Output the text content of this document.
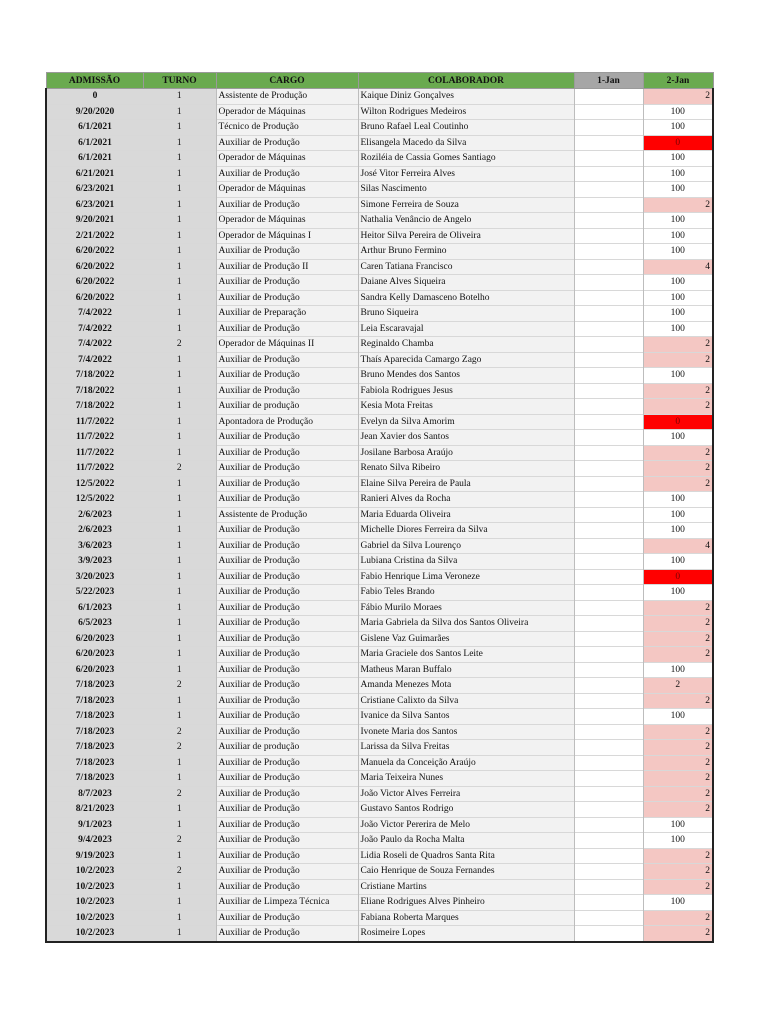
ADMISSÃO	TURNO	CARGO	COLABORADOR	1-Jan	2-Jan
0	1	Assistente de Produção	Kaique Diniz Gonçalves		2
9/20/2020	1	Operador de Máquinas	Wilton Rodrigues Medeiros		100
6/1/2021	1	Técnico de Produção	Bruno Rafael Leal Coutinho		100
6/1/2021	1	Auxiliar de Produção	Elisangela Macedo da Silva		0
6/1/2021	1	Operador de Máquinas	Roziléia de Cassia Gomes Santiago		100
6/21/2021	1	Auxiliar de Produção	José Vitor Ferreira Alves		100
6/23/2021	1	Operador de Máquinas	Silas Nascimento		100
6/23/2021	1	Auxiliar de Produção	Simone Ferreira de Souza		2
9/20/2021	1	Operador de Máquinas	Nathalia Venâncio de Angelo		100
2/21/2022	1	Operador de Máquinas I	Heitor Silva Pereira de Oliveira		100
6/20/2022	1	Auxiliar de Produção	Arthur Bruno Fermino		100
6/20/2022	1	Auxiliar de Produção II	Caren Tatiana Francisco		4
6/20/2022	1	Auxiliar de Produção	Daiane Alves Siqueira		100
6/20/2022	1	Auxiliar de Produção	Sandra Kelly Damasceno Botelho		100
7/4/2022	1	Auxiliar de Preparação	Bruno Siqueira		100
7/4/2022	1	Auxiliar de Produção	Leia Escaravajal		100
7/4/2022	2	Operador de Máquinas II	Reginaldo Chamba		2
7/4/2022	1	Auxiliar de Produção	Thaís Aparecida Camargo Zago		2
7/18/2022	1	Auxiliar de Produção	Bruno Mendes dos Santos		100
7/18/2022	1	Auxiliar de Produção	Fabiola Rodrigues Jesus		2
7/18/2022	1	Auxiliar de produção	Kesia Mota Freitas		2
11/7/2022	1	Apontadora de Produção	Evelyn da Silva Amorim		0
11/7/2022	1	Auxiliar de Produção	Jean Xavier dos Santos		100
11/7/2022	1	Auxiliar de Produção	Josilane Barbosa Araújo		2
11/7/2022	2	Auxiliar de Produção	Renato Silva Ribeiro		2
12/5/2022	1	Auxiliar de Produção	Elaine Silva Pereira de Paula		2
12/5/2022	1	Auxiliar de Produção	Ranieri Alves da Rocha		100
2/6/2023	1	Assistente de Produção	Maria Eduarda Oliveira		100
2/6/2023	1	Auxiliar de Produção	Michelle Diores Ferreira da Silva		100
3/6/2023	1	Auxiliar de Produção	Gabriel da Silva Lourenço		4
3/9/2023	1	Auxiliar de Produção	Lubiana Cristina da Silva		100
3/20/2023	1	Auxiliar de Produção	Fabio Henrique Lima Veroneze		0
5/22/2023	1	Auxiliar de Produção	Fabio Teles Brando		100
6/1/2023	1	Auxiliar de Produção	Fábio Murilo Moraes		2
6/5/2023	1	Auxiliar de Produção	Maria Gabriela da Silva dos Santos Oliveira		2
6/20/2023	1	Auxiliar de Produção	Gislene Vaz Guimarães		2
6/20/2023	1	Auxiliar de Produção	Maria Graciele dos Santos Leite		2
6/20/2023	1	Auxiliar de Produção	Matheus Maran Buffalo		100
7/18/2023	2	Auxiliar de Produção	Amanda Menezes Mota		2
7/18/2023	1	Auxiliar de Produção	Cristiane Calixto da Silva		2
7/18/2023	1	Auxiliar de Produção	Ivanice da Silva Santos		100
7/18/2023	2	Auxiliar de Produção	Ivonete Maria dos Santos		2
7/18/2023	2	Auxiliar de produção	Larissa da Silva Freitas		2
7/18/2023	1	Auxiliar de Produção	Manuela da Conceição Araújo		2
7/18/2023	1	Auxiliar de Produção	Maria Teixeira Nunes		2
8/7/2023	2	Auxiliar de Produção	João Victor Alves Ferreira		2
8/21/2023	1	Auxiliar de Produção	Gustavo Santos Rodrigo		2
9/1/2023	1	Auxiliar de Produção	João Victor Pererira de Melo		100
9/4/2023	2	Auxiliar de Produção	João Paulo da Rocha Malta		100
9/19/2023	1	Auxiliar de Produção	Lidia Roseli de Quadros Santa Rita		2
10/2/2023	2	Auxiliar de Produção	Caio Henrique de Souza Fernandes		2
10/2/2023	1	Auxiliar de Produção	Cristiane Martins		2
10/2/2023	1	Auxiliar de Limpeza Técnica	Eliane Rodrigues Alves Pinheiro		100
10/2/2023	1	Auxiliar de Produção	Fabiana Roberta Marques		2
10/2/2023	1	Auxiliar de Produção	Rosimeire Lopes		2
